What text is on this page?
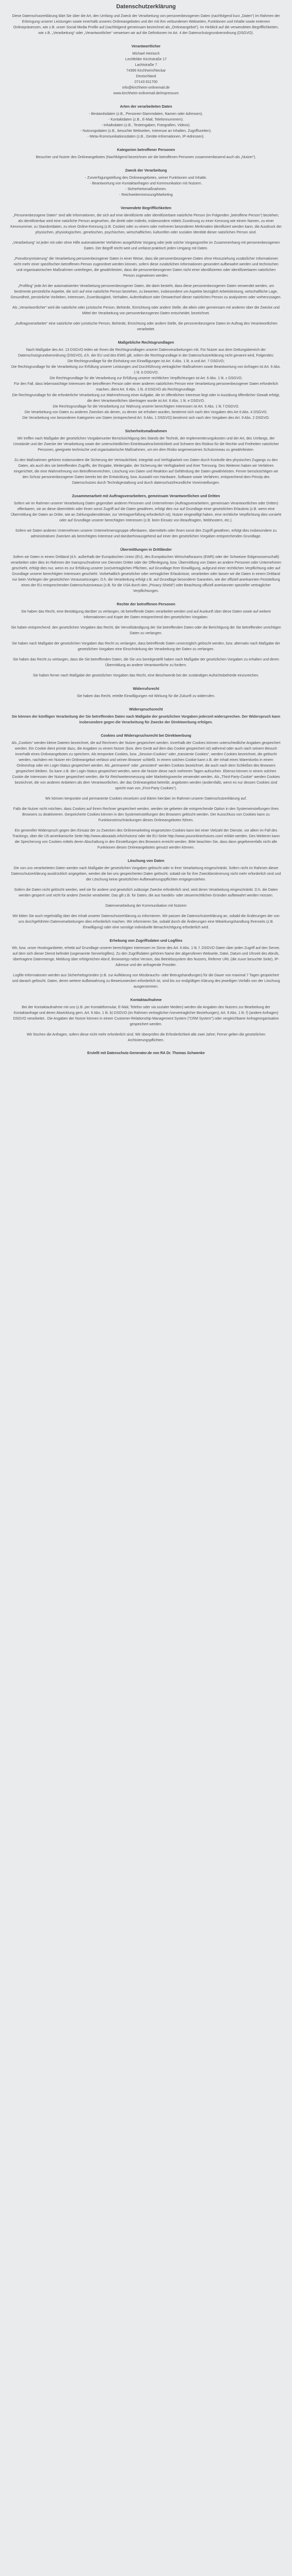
Datenschutzerklärung
Diese Datenschutzerklärung klärt Sie über die Art, den Umfang und Zweck der Verarbeitung von personenbezogenen Daten (nachfolgend kurz „Daten“) im Rahmen der Erbringung unserer Leistungen sowie innerhalb unseres Onlineangebotes und der mit ihm verbundenen Webseiten, Funktionen und Inhalte sowie externen Onlinepräsenzen, wie z.B. unser Social Media Profile auf (nachfolgend gemeinsam bezeichnet als „Onlineangebot“). Im Hinblick auf die verwendeten Begrifflichkeiten, wie z.B. „Verarbeitung“ oder „Verantwortlicher“ verweisen wir auf die Definitionen im Art. 4 der Datenschutzgrundverordnung (DSGVO).
Verantwortlicher
Michael Heinisch
Lechfelder Kirchstraße 17
Lachtstraße 7
74366 Kirchheim/Neckar
Deutschland
07143 811700
info@kirchheim-onlinemail.de
www.kirchheim-onlinemail.de/impressum
Arten der verarbeiteten Daten
- Bestandsdaten (z.B., Personen-Stammdaten, Namen oder Adressen).
- Kontaktdaten (z.B., E-Mail, Telefonnummern).
- Inhaltsdaten (z.B., Texteingaben, Fotografien, Videos).
- Nutzungsdaten (z.B., besuchte Webseiten, Interesse an Inhalten, Zugriffszeiten).
- Meta-/Kommunikationsdaten (z.B., Geräte-Informationen, IP-Adressen).
Kategorien betroffener Personen
Besucher und Nutzer des Onlineangebotes (Nachfolgend bezeichnen wir die betroffenen Personen zusammenfassend auch als „Nutzer“).
Zweck der Verarbeitung
- Zurverfügungstellung des Onlineangebotes, seiner Funktionen und Inhalte.
- Beantwortung von Kontaktanfragen und Kommunikation mit Nutzern.
- Sicherheitsmaßnahmen.
- Reichweitenmessung/Marketing
Verwendete Begrifflichkeiten
„Personenbezogene Daten“ sind alle Informationen, die sich auf eine identifizierte oder identifizierbare natürliche Person (im Folgenden „betroffene Person“) beziehen; als identifizierbar wird eine natürliche Person angesehen, die direkt oder indirekt, insbesondere mittels Zuordnung zu einer Kennung wie einem Namen, zu einer Kennnummer, zu Standortdaten, zu einer Online-Kennung (z.B. Cookie) oder zu einem oder mehreren besonderen Merkmalen identifiziert werden kann, die Ausdruck der physischen, physiologischen, genetischen, psychischen, wirtschaftlichen, kulturellen oder sozialen Identität dieser natürlichen Person sind.
„Verarbeitung“ ist jeder mit oder ohne Hilfe automatisierter Verfahren ausgeführte Vorgang oder jede solche Vorgangsreihe im Zusammenhang mit personenbezogenen Daten. Der Begriff reicht weit und umfasst praktisch jeden Umgang mit Daten.
„Pseudonymisierung“ die Verarbeitung personenbezogener Daten in einer Weise, dass die personenbezogenen Daten ohne Hinzuziehung zusätzlicher Informationen nicht mehr einer spezifischen betroffenen Person zugeordnet werden können, sofern diese zusätzlichen Informationen gesondert aufbewahrt werden und technischen und organisatorischen Maßnahmen unterliegen, die gewährleisten, dass die personenbezogenen Daten nicht einer identifizierten oder identifizierbaren natürlichen Person zugewiesen werden.
„Profiling“ jede Art der automatisierten Verarbeitung personenbezogener Daten, die darin besteht, dass diese personenbezogenen Daten verwendet werden, um bestimmte persönliche Aspekte, die sich auf eine natürliche Person beziehen, zu bewerten, insbesondere um Aspekte bezüglich Arbeitsleistung, wirtschaftliche Lage, Gesundheit, persönliche Vorlieben, Interessen, Zuverlässigkeit, Verhalten, Aufenthaltsort oder Ortswechsel dieser natürlichen Person zu analysieren oder vorherzusagen.
Als „Verantwortlicher“ wird die natürliche oder juristische Person, Behörde, Einrichtung oder andere Stelle, die allein oder gemeinsam mit anderen über die Zwecke und Mittel der Verarbeitung von personenbezogenen Daten entscheidet, bezeichnet.
„Auftragsverarbeiter“ eine natürliche oder juristische Person, Behörde, Einrichtung oder andere Stelle, die personenbezogene Daten im Auftrag des Verantwortlichen verarbeitet.
Maßgebliche Rechtsgrundlagen
Nach Maßgabe des Art. 13 DSGVO teilen wir Ihnen die Rechtsgrundlagen unserer Datenverarbeitungen mit. Für Nutzer aus dem Geltungsbereich der Datenschutzgrundverordnung (DSGVO), d.h. der EU und des EWG gilt, sofern die Rechtsgrundlage in der Datenschutzerklärung nicht genannt wird, Folgendes:
Die Rechtsgrundlage für die Einholung von Einwilligungen ist Art. 6 Abs. 1 lit. a und Art. 7 DSGVO;
Die Rechtsgrundlage für die Verarbeitung zur Erfüllung unserer Leistungen und Durchführung vertraglicher Maßnahmen sowie Beantwortung von Anfragen ist Art. 6 Abs. 1 lit. b DSGVO;
Die Rechtsgrundlage für die Verarbeitung zur Erfüllung unserer rechtlichen Verpflichtungen ist Art. 6 Abs. 1 lit. c DSGVO;
Für den Fall, dass lebenswichtige Interessen der betroffenen Person oder einer anderen natürlichen Person eine Verarbeitung personenbezogener Daten erforderlich machen, dient Art. 6 Abs. 1 lit. d DSGVO als Rechtsgrundlage.
Die Rechtsgrundlage für die erforderliche Verarbeitung zur Wahrnehmung einer Aufgabe, die im öffentlichen Interesse liegt oder in Ausübung öffentlicher Gewalt erfolgt, die dem Verantwortlichen übertragen wurde ist Art. 6 Abs. 1 lit. e DSGVO.
Die Rechtsgrundlage für die Verarbeitung zur Wahrung unserer berechtigten Interessen ist Art. 6 Abs. 1 lit. f DSGVO.
Die Verarbeitung von Daten zu anderen Zwecken als denen, zu denen sie erhoben wurden, bestimmt sich nach den Vorgaben des Art 6 Abs. 4 DSGVO.
Die Verarbeitung von besonderen Kategorien von Daten (entsprechend Art. 9 Abs. 1 DSGVO) bestimmt sich nach den Vorgaben des Art. 9 Abs. 2 DSGVO.
Sicherheitsmaßnahmen
Wir treffen nach Maßgabe der gesetzlichen Vorgabenunter Berücksichtigung des Stands der Technik, der Implementierungskosten und der Art, des Umfangs, der Umstände und der Zwecke der Verarbeitung sowie der unterschiedlichen Eintrittswahrscheinlichkeit und Schwere des Risikos für die Rechte und Freiheiten natürlicher Personen, geeignete technische und organisatorische Maßnahmen, um ein dem Risiko angemessenes Schutzniveau zu gewährleisten.
Zu den Maßnahmen gehören insbesondere die Sicherung der Vertraulichkeit, Integrität und Verfügbarkeit von Daten durch Kontrolle des physischen Zugangs zu den Daten, als auch des sie betreffenden Zugriffs, der Eingabe, Weitergabe, der Sicherung der Verfügbarkeit und ihrer Trennung. Des Weiteren haben wir Verfahren eingerichtet, die eine Wahrnehmung von Betroffenenrechten, Löschung von Daten und Reaktion auf Gefährdung der Daten gewährleisten. Ferner berücksichtigen wir den Schutz personenbezogener Daten bereits bei der Entwicklung, bzw. Auswahl von Hardware, Software sowie Verfahren, entsprechend dem Prinzip des Datenschutzes durch Technikgestaltung und durch datenschutzfreundliche Voreinstellungen.
Zusammenarbeit mit Auftragsverarbeitern, gemeinsam Verantwortlichen und Dritten
Sofern wir im Rahmen unserer Verarbeitung Daten gegenüber anderen Personen und Unternehmen (Auftragsverarbeitern, gemeinsam Verantwortlichen oder Dritten) offenbaren, sie an diese übermitteln oder ihnen sonst Zugriff auf die Daten gewähren, erfolgt dies nur auf Grundlage einer gesetzlichen Erlaubnis (z.B. wenn eine Übermittlung der Daten an Dritte, wie an Zahlungsdienstleister, zur Vertragserfüllung erforderlich ist), Nutzer eingewilligt haben, eine rechtliche Verpflichtung dies vorsieht oder auf Grundlage unserer berechtigten Interessen (z.B. beim Einsatz von Beauftragten, Webhostern, etc.).
Sofern wir Daten anderen Unternehmen unserer Unternehmensgruppe offenbaren, übermitteln oder ihnen sonst den Zugriff gewähren, erfolgt dies insbesondere zu administrativen Zwecken als berechtigtes Interesse und darüberhinausgehend auf einer den gesetzlichen Vorgaben entsprechenden Grundlage.
Übermittlungen in Drittländer
Sofern wir Daten in einem Drittland (d.h. außerhalb der Europäischen Union (EU), des Europäischen Wirtschaftsraums (EWR) oder der Schweizer Eidgenossenschaft) verarbeiten oder dies im Rahmen der Inanspruchnahme von Diensten Dritter oder der Offenlegung, bzw. Übermittlung von Daten an andere Personen oder Unternehmen geschieht, erfolgt dies nur, wenn es zur Erfüllung unserer (vor)vertraglichen Pflichten, auf Grundlage Ihrer Einwilligung, aufgrund einer rechtlichen Verpflichtung oder auf Grundlage unserer berechtigten Interessen geschieht. Vorbehaltlich gesetzlicher oder vertraglicher Erlaubnisse, verarbeiten oder lassen wir die Daten in einem Drittland nur beim Vorliegen der gesetzlichen Voraussetzungen. D.h. die Verarbeitung erfolgt z.B. auf Grundlage besonderer Garantien, wie der offiziell anerkannten Feststellung eines der EU entsprechenden Datenschutzniveaus (z.B. für die USA durch den „Privacy Shield“) oder Beachtung offiziell anerkannter spezieller vertraglicher Verpflichtungen.
Rechte der betroffenen Personen
Sie haben das Recht, eine Bestätigung darüber zu verlangen, ob betreffende Daten verarbeitet werden und auf Auskunft über diese Daten sowie auf weitere Informationen und Kopie der Daten entsprechend den gesetzlichen Vorgaben.
Sie haben entsprechend. den gesetzlichen Vorgaben das Recht, die Vervollständigung der Sie betreffenden Daten oder die Berichtigung der Sie betreffenden unrichtigen Daten zu verlangen.
Sie haben nach Maßgabe der gesetzlichen Vorgaben das Recht zu verlangen, dass betreffende Daten unverzüglich gelöscht werden, bzw. alternativ nach Maßgabe der gesetzlichen Vorgaben eine Einschränkung der Verarbeitung der Daten zu verlangen.
Sie haben das Recht zu verlangen, dass die Sie betreffenden Daten, die Sie uns bereitgestellt haben nach Maßgabe der gesetzlichen Vorgaben zu erhalten und deren Übermittlung an andere Verantwortliche zu fordern.
Sie haben ferner nach Maßgabe der gesetzlichen Vorgaben das Recht, eine Beschwerde bei der zuständigen Aufsichtsbehörde einzureichen.
Widerrufsrecht
Sie haben das Recht, erteilte Einwilligungen mit Wirkung für die Zukunft zu widerrufen.
Widerspruchsrecht
Sie können der künftigen Verarbeitung der Sie betreffenden Daten nach Maßgabe der gesetzlichen Vorgaben jederzeit widersprechen. Der Widerspruch kann insbesondere gegen die Verarbeitung für Zwecke der Direktwerbung erfolgen.
Cookies und Widerspruchsrecht bei Direktwerbung
Als „Cookies“ werden kleine Dateien bezeichnet, die auf Rechnern der Nutzer gespeichert werden. Innerhalb der Cookies können unterschiedliche Angaben gespeichert werden. Ein Cookie dient primär dazu, die Angaben zu einem Nutzer (bzw. dem Gerät auf dem das Cookie gespeichert ist) während oder auch nach seinem Besuch innerhalb eines Onlineangebotes zu speichern. Als temporäre Cookies, bzw. „Session-Cookies“ oder „transiente Cookies“, werden Cookies bezeichnet, die gelöscht werden, nachdem ein Nutzer ein Onlineangebot verlässt und seinen Browser schließt. In einem solchen Cookie kann z.B. der Inhalt eines Warenkorbs in einem Onlineshop oder ein Login-Status gespeichert werden. Als „permanent“ oder „persistent“ werden Cookies bezeichnet, die auch nach dem Schließen des Browsers gespeichert bleiben. So kann z.B. der Login-Status gespeichert werden, wenn die Nutzer diese nach mehreren Tagen aufsuchen. Ebenso können in einem solchen Cookie die Interessen der Nutzer gespeichert werden, die für Reichweitenmessung oder Marketingzwecke verwendet werden. Als „Third-Party-Cookie“ werden Cookies bezeichnet, die von anderen Anbietern als dem Verantwortlichen, der das Onlineangebot betreibt, angeboten werden (andernfalls, wenn es nur dessen Cookies sind spricht man von „First-Party Cookies“).
Wir können temporäre und permanente Cookies einsetzen und klären hierüber im Rahmen unserer Datenschutzerklärung auf.
Falls die Nutzer nicht möchten, dass Cookies auf ihrem Rechner gespeichert werden, werden sie gebeten die entsprechende Option in den Systemeinstellungen ihres Browsers zu deaktivieren. Gespeicherte Cookies können in den Systemeinstellungen des Browsers gelöscht werden. Der Ausschluss von Cookies kann zu Funktionseinschränkungen dieses Onlineangebotes führen.
Ein genereller Widerspruch gegen den Einsatz der zu Zwecken des Onlinemarketing eingesetzten Cookies kann bei einer Vielzahl der Dienste, vor allem im Fall des Trackings, über die US-amerikanische Seite http://www.aboutads.info/choices/ oder die EU-Seite http://www.youronlinechoices.com/ erklärt werden. Des Weiteren kann die Speicherung von Cookies mittels deren Abschaltung in den Einstellungen des Browsers erreicht werden. Bitte beachten Sie, dass dann gegebenenfalls nicht alle Funktionen dieses Onlineangebotes genutzt werden können.
Löschung von Daten
Die von uns verarbeiteten Daten werden nach Maßgabe der gesetzlichen Vorgaben gelöscht oder in ihrer Verarbeitung eingeschränkt. Sofern nicht im Rahmen dieser Datenschutzerklärung ausdrücklich angegeben, werden die bei uns gespeicherten Daten gelöscht, sobald sie für ihre Zweckbestimmung nicht mehr erforderlich sind und der Löschung keine gesetzlichen Aufbewahrungspflichten entgegenstehen.
Sofern die Daten nicht gelöscht werden, weil sie für andere und gesetzlich zulässige Zwecke erforderlich sind, wird deren Verarbeitung eingeschränkt. D.h. die Daten werden gesperrt und nicht für andere Zwecke verarbeitet. Das gilt z.B. für Daten, die aus handels- oder steuerrechtlichen Gründen aufbewahrt werden müssen.
Datenverarbeitung der Kommunikation mit Nutzern
Wir bitten Sie auch regelmäßig über den Inhalt unserer Datenschutzerklärung zu informieren. Wir passen die Datenschutzerklärung an, sobald die Änderungen der von uns durchgeführten Datenverarbeitungen dies erforderlich machen. Wir informieren Sie, sobald durch die Änderungen eine Mitwirkungshandlung Ihrerseits (z.B. Einwilligung) oder eine sonstige individuelle Benachrichtigung erforderlich wird.
Erhebung von Zugriffsdaten und Logfiles
Wir, bzw. unser Hostinganbieter, erhebt auf Grundlage unserer berechtigten Interessen im Sinne des Art. 6 Abs. 1 lit. f. DSGVO Daten über jeden Zugriff auf den Server, auf dem sich dieser Dienst befindet (sogenannte Serverlogfiles). Zu den Zugriffsdaten gehören Name der abgerufenen Webseite, Datei, Datum und Uhrzeit des Abrufs, übertragene Datenmenge, Meldung über erfolgreichen Abruf, Browsertyp nebst Version, das Betriebssystem des Nutzers, Referrer URL (die zuvor besuchte Seite), IP-Adresse und der anfragende Provider.
Logfile-Informationen werden aus Sicherheitsgründen (z.B. zur Aufklärung von Missbrauchs- oder Betrugshandlungen) für die Dauer von maximal 7 Tagen gespeichert und danach gelöscht. Daten, deren weitere Aufbewahrung zu Beweiszwecken erforderlich ist, sind bis zur endgültigen Klärung des jeweiligen Vorfalls von der Löschung ausgenommen.
Kontaktaufnahme
Bei der Kontaktaufnahme mit uns (z.B. per Kontaktformular, E-Mail, Telefon oder via sozialer Medien) werden die Angaben des Nutzers zur Bearbeitung der Kontaktanfrage und deren Abwicklung gem. Art. 6 Abs. 1 lit. b) DSGVO (im Rahmen vertraglicher-/vorvertraglicher Beziehungen), Art. 6 Abs. 1 lit. f) (andere Anfragen) DSGVO verarbeitet.. Die Angaben der Nutzer können in einem Customer-Relationship-Management System ("CRM System") oder vergleichbarer Anfrageorganisation gespeichert werden.
Wir löschen die Anfragen, sofern diese nicht mehr erforderlich sind. Wir überprüfen die Erforderlichkeit alle zwei Jahre; Ferner gelten die gesetzlichen Archivierungspflichten.
Erstellt mit Datenschutz-Generator.de von RA Dr. Thomas Schwenke
